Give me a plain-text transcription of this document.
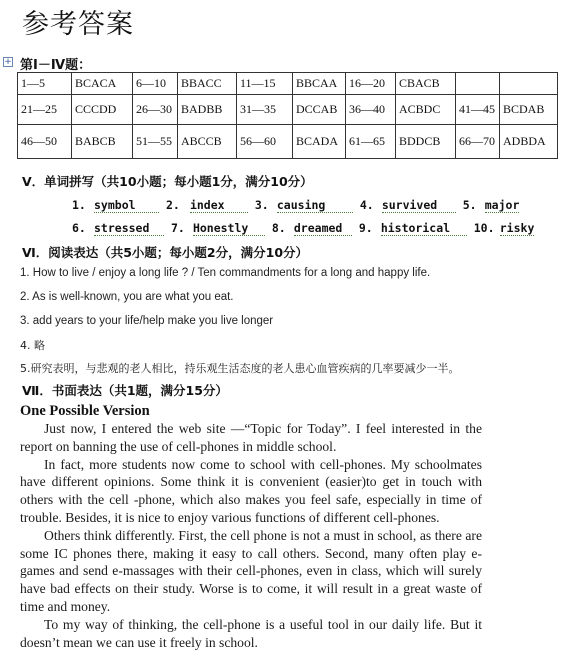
参考答案
+ 第Ⅰ－Ⅳ题：
1—5	BCACA	6—10	BBACC	11—15	BBCAA	16—20	CBACB		
21—25	CCCDD	26—30	BADBB	31—35	DCCAB	36—40	ACBDC	41—45	BCDAB
46—50	BABCB	51—55	ABCCB	56—60	BCADA	61—65	BDDCB	66—70	ADBDA
V．单词拼写（共10小题；每小题1分，满分10分）
1. symbol	2. index	3. causing	4. survived 5. major
6. stressed 7. Honestly 8. dreamed 9. historical 10. risky
Ⅵ．阅读表达（共5小题；每小题2分，满分10分）
1. How to live / enjoy a long life ? / Ten commandments for a long and happy life.
2. As is well-known, you are what you eat.
3. add years to your life/help make you live longer
4. 略
5.研究表明，与悲观的老人相比，持乐观生活态度的老人患心血管疾病的几率要减少一半。
Ⅶ．书面表达（共1题，满分15分）
One Possible Version

Just now, I entered the web site —“Topic for Today”. I feel interested in the report on banning the use of cell-phones in middle school.

In fact, more students now come to school with cell-phones. My schoolmates have different opinions. Some think it is convenient (easier)to get in touch with others with the cell -phone, which also makes you feel safe, especially in time of trouble. Besides, it is nice to enjoy various functions of different cell-phones.

Others think differently. First, the cell phone is not a must in school, as there are some IC phones there, making it easy to call others. Second, many often play e-games and send e-massages with their cell-phones, even in class, which will surely have bad effects on their study. Worse is to come, it will result in a great waste of time and money.

To my way of thinking, the cell-phone is a useful tool in our daily life. But it doesn’t mean we can use it freely in school.
